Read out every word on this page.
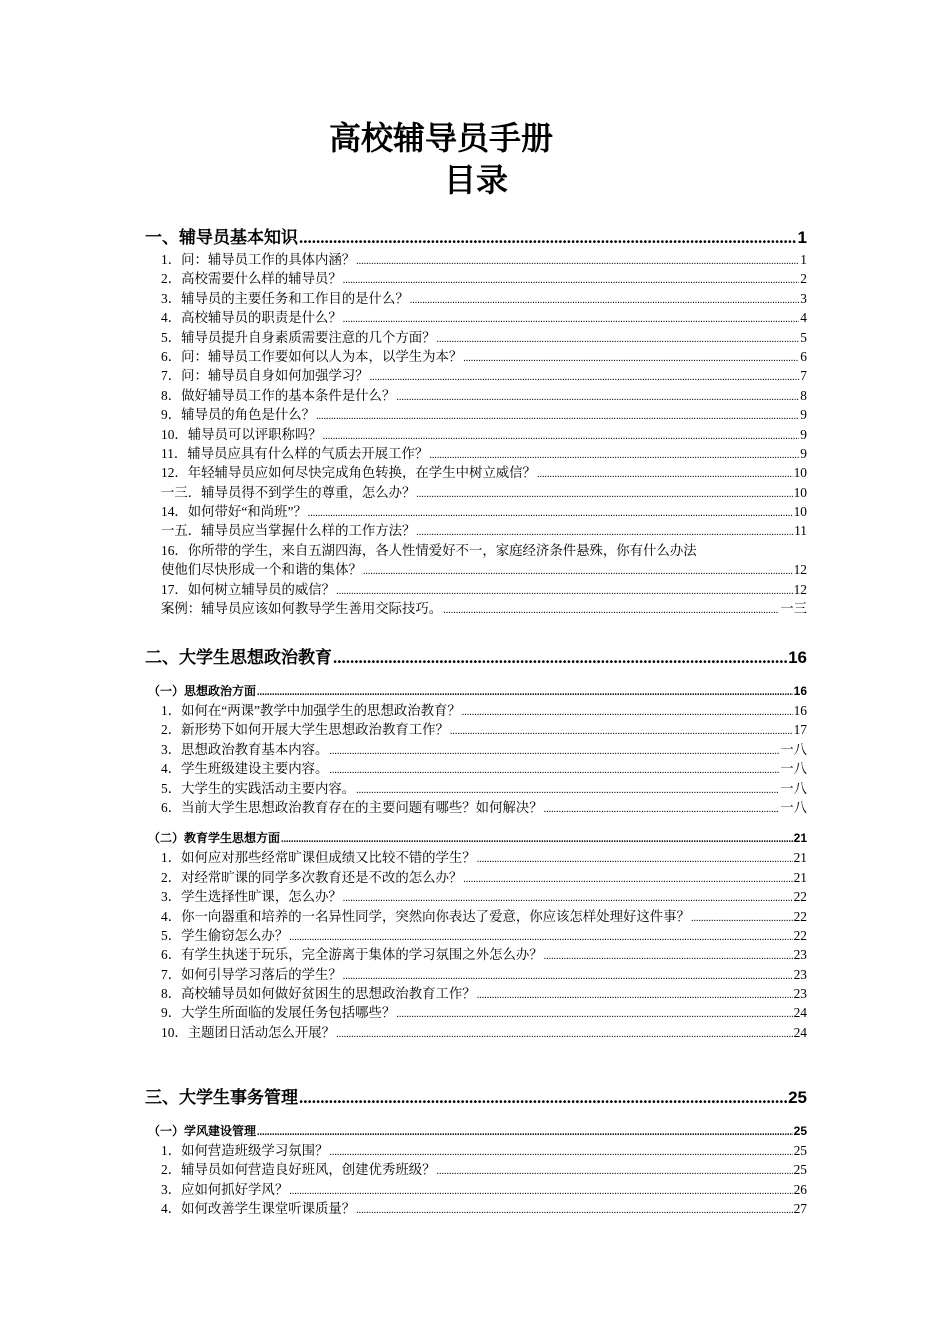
高校辅导员手册
目录
一、辅导员基本知识 .....	1
1．问：辅导员工作的具体内涵？ .....	1
2．高校需要什么样的辅导员？ .....	2
3．辅导员的主要任务和工作目的是什么？ .....	3
4．高校辅导员的职责是什么？ .....	4
5．辅导员提升自身素质需要注意的几个方面？ .....	5
6．问：辅导员工作要如何以人为本，以学生为本？ .....	6
7．问：辅导员自身如何加强学习？ .....	7
8．做好辅导员工作的基本条件是什么？ .....	8
9．辅导员的角色是什么？ .....	9
10．辅导员可以评职称吗？ .....	9
11．辅导员应具有什么样的气质去开展工作？ .....	9
12．年轻辅导员应如何尽快完成角色转换，在学生中树立威信？ .....	10
一三．辅导员得不到学生的尊重，怎么办？ .....	10
14．如何带好“和尚班”？ .....	10
一五．辅导员应当掌握什么样的工作方法？ .....	11
16．你所带的学生，来自五湖四海，各人性情爱好不一，家庭经济条件悬殊，你有什么办法
使他们尽快形成一个和谐的集体？ .....	12
17．如何树立辅导员的威信？ .....	12
案例：辅导员应该如何教导学生善用交际技巧。 .....	一三
二、大学生思想政治教育 .....	16
（一）思想政治方面 .....	16
1．如何在“两课”教学中加强学生的思想政治教育？ .....	16
2．新形势下如何开展大学生思想政治教育工作？ .....	17
3．思想政治教育基本内容。 .....	一八
4．学生班级建设主要内容。 .....	一八
5．大学生的实践活动主要内容。 .....	一八
6．当前大学生思想政治教育存在的主要问题有哪些？如何解决？ .....	一八
（二）教育学生思想方面 .....	21
1．如何应对那些经常旷课但成绩又比较不错的学生？ .....	21
2．对经常旷课的同学多次教育还是不改的怎么办？ .....	21
3．学生选择性旷课，怎么办？ .....	22
4．你一向器重和培养的一名异性同学，突然向你表达了爱意，你应该怎样处理好这件事？ .....	22
5．学生偷窃怎么办？ .....	22
6．有学生执迷于玩乐，完全游离于集体的学习氛围之外怎么办？ .....	23
7．如何引导学习落后的学生？ .....	23
8．高校辅导员如何做好贫困生的思想政治教育工作？ .....	23
9．大学生所面临的发展任务包括哪些？ .....	24
10．主题团日活动怎么开展？ .....	24
三、大学生事务管理 .....	25
（一）学风建设管理 .....	25
1．如何营造班级学习氛围？ .....	25
2．辅导员如何营造良好班风，创建优秀班级？ .....	25
3．应如何抓好学风？ .....	26
4．如何改善学生课堂听课质量？ .....	27
